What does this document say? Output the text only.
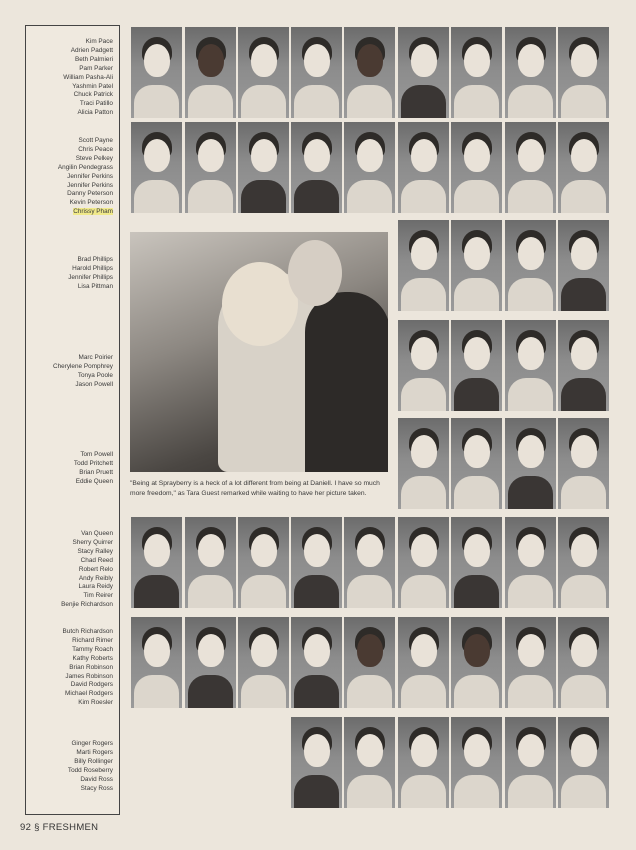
Kim Pace
Adrien Padgett
Beth Palmieri
Pam Parker
William Pasha-Ali
Yashmin Patel
Chuck Patrick
Traci Patillo
Alicia Patton
Scott Payne
Chris Peace
Steve Pelkey
Angilin Pendegrass
Jennifer Perkins
Jennifer Perkins
Danny Peterson
Kevin Peterson
Chrissy Pham
Brad Phillips
Harold Phillips
Jennifer Phillips
Lisa Pittman
Marc Poirier
Cherylene Pomphrey
Tonya Poole
Jason Powell
Tom Powell
Todd Pritchett
Brian Pruett
Eddie Queen
Van Queen
Sherry Quirrer
Stacy Ralley
Chad Reed
Robert Relo
Andy Reibly
Laura Reidy
Tim Reirer
Benjie Richardson
Butch Richardson
Richard Rimer
Tammy Roach
Kathy Roberts
Brian Robinson
James Robinson
David Rodgers
Michael Rodgers
Kim Roesler
Ginger Rogers
Marti Rogers
Billy Rollinger
Todd Roseberry
David Ross
Stacy Ross
"Being at Sprayberry is a heck of a lot different from being at Daniell. I have so much more freedom," as Tara Guest remarked while waiting to have her picture taken.
92 § FRESHMEN
